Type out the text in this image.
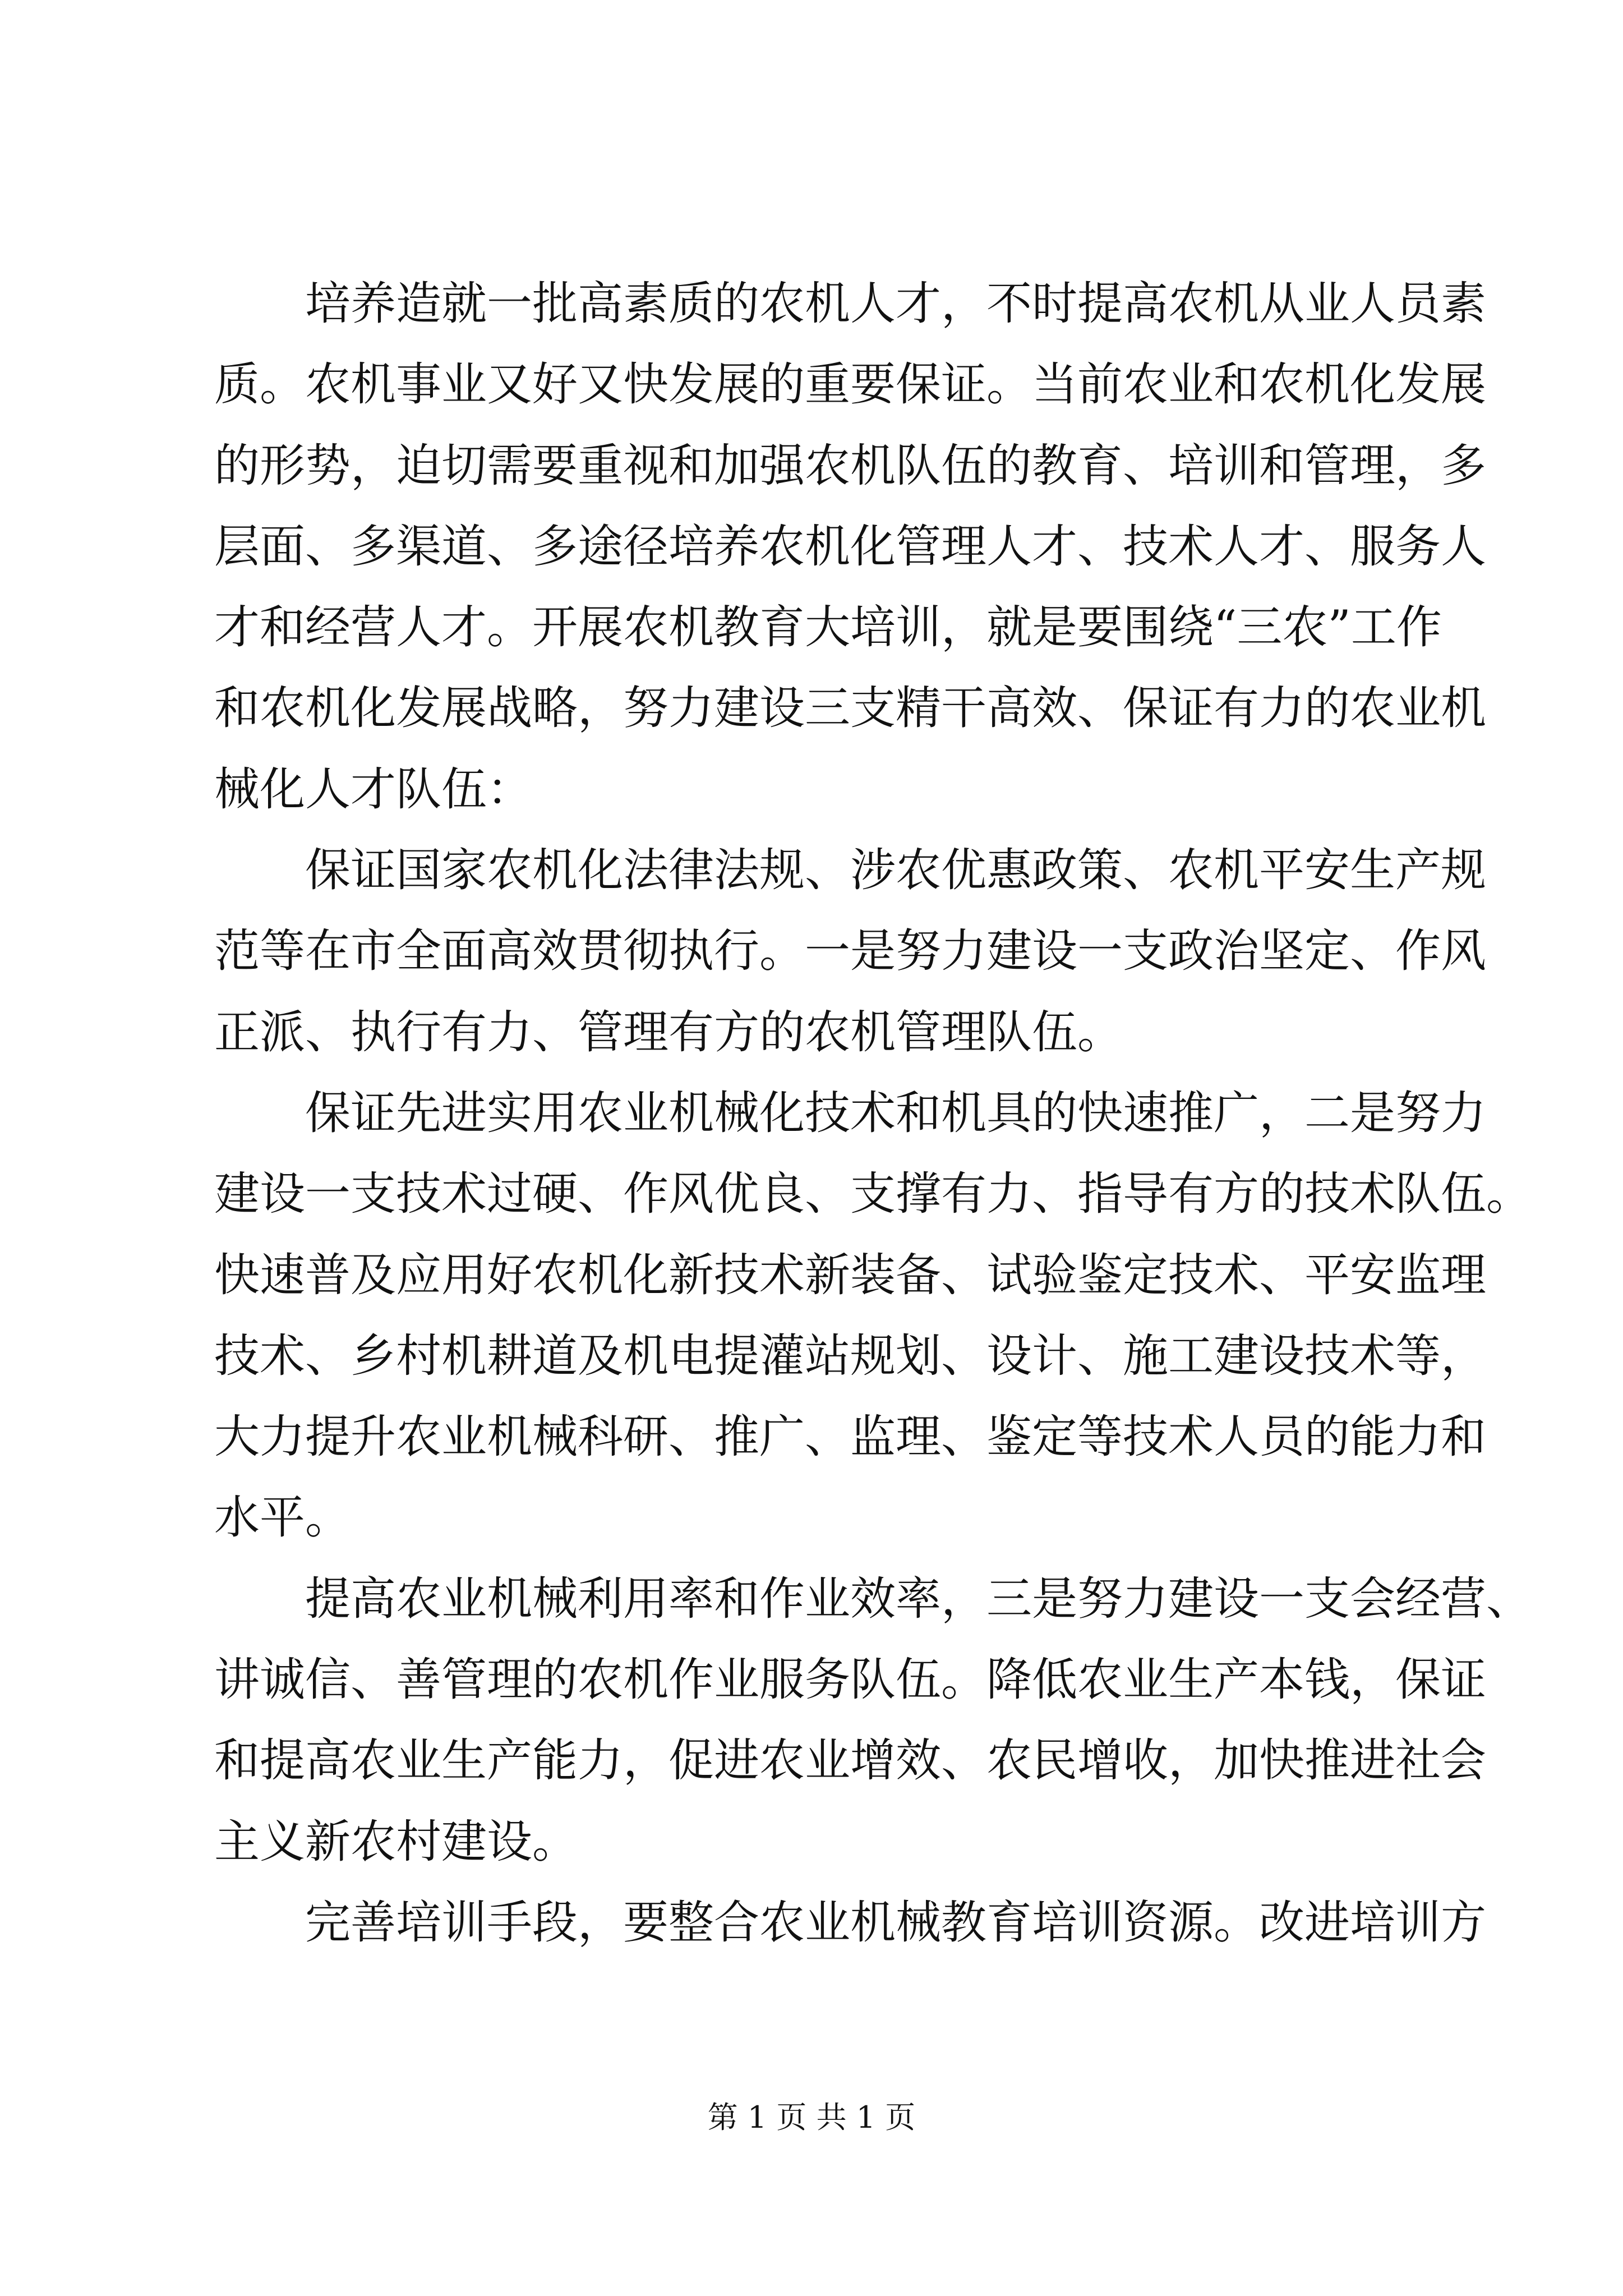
培养造就一批高素质的农机人才，不时提高农机从业人员素
质。农机事业又好又快发展的重要保证。当前农业和农机化发展
的形势，迫切需要重视和加强农机队伍的教育、培训和管理，多
层面、多渠道、多途径培养农机化管理人才、技术人才、服务人
才和经营人才。开展农机教育大培训，就是要围绕“三农”工作
和农机化发展战略，努力建设三支精干高效、保证有力的农业机
械化人才队伍：
保证国家农机化法律法规、涉农优惠政策、农机平安生产规
范等在市全面高效贯彻执行。一是努力建设一支政治坚定、作风
正派、执行有力、管理有方的农机管理队伍。
保证先进实用农业机械化技术和机具的快速推广，二是努力
建设一支技术过硬、作风优良、支撑有力、指导有方的技术队伍。
快速普及应用好农机化新技术新装备、试验鉴定技术、平安监理
技术、乡村机耕道及机电提灌站规划、设计、施工建设技术等，
大力提升农业机械科研、推广、监理、鉴定等技术人员的能力和
水平。
提高农业机械利用率和作业效率，三是努力建设一支会经营、
讲诚信、善管理的农机作业服务队伍。降低农业生产本钱，保证
和提高农业生产能力，促进农业增效、农民增收，加快推进社会
主义新农村建设。
完善培训手段，要整合农业机械教育培训资源。改进培训方
第 1 页 共 1 页
